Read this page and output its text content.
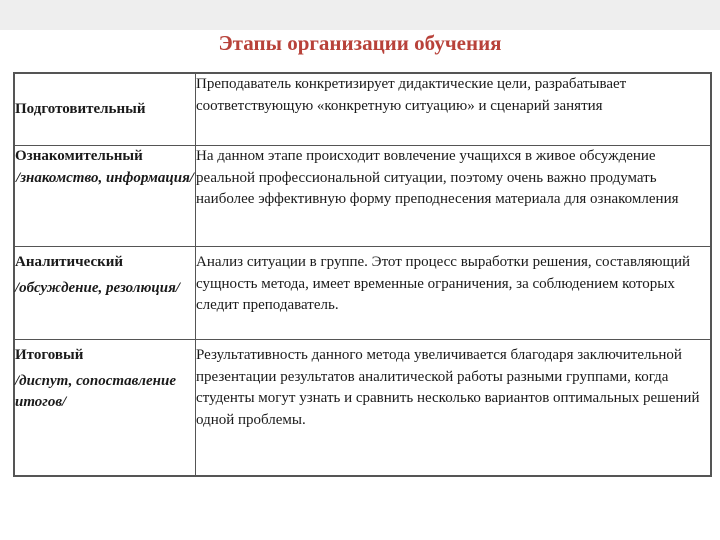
Этапы организации обучения
Подготовительный	Преподаватель конкретизирует дидактические цели, разрабатывает соответствующую «конкретную ситуацию» и сценарий занятия

Ознакомительный
/знакомство, информация/	На данном этапе происходит вовлечение учащихся в живое обсуждение реальной профессиональной ситуации, поэтому очень важно продумать наиболее эффективную форму преподнесения материала для ознакомления

Аналитический
/обсуждение, резолюция/	Анализ ситуации в группе. Этот процесс выработки решения, составляющий сущность метода, имеет временные ограничения, за соблюдением которых следит преподаватель.

Итоговый
/диспут, сопоставление итогов/	Результативность данного метода увеличивается благодаря заключительной презентации результатов аналитической работы разными группами, когда студенты могут узнать и сравнить несколько вариантов оптимальных решений одной проблемы.
